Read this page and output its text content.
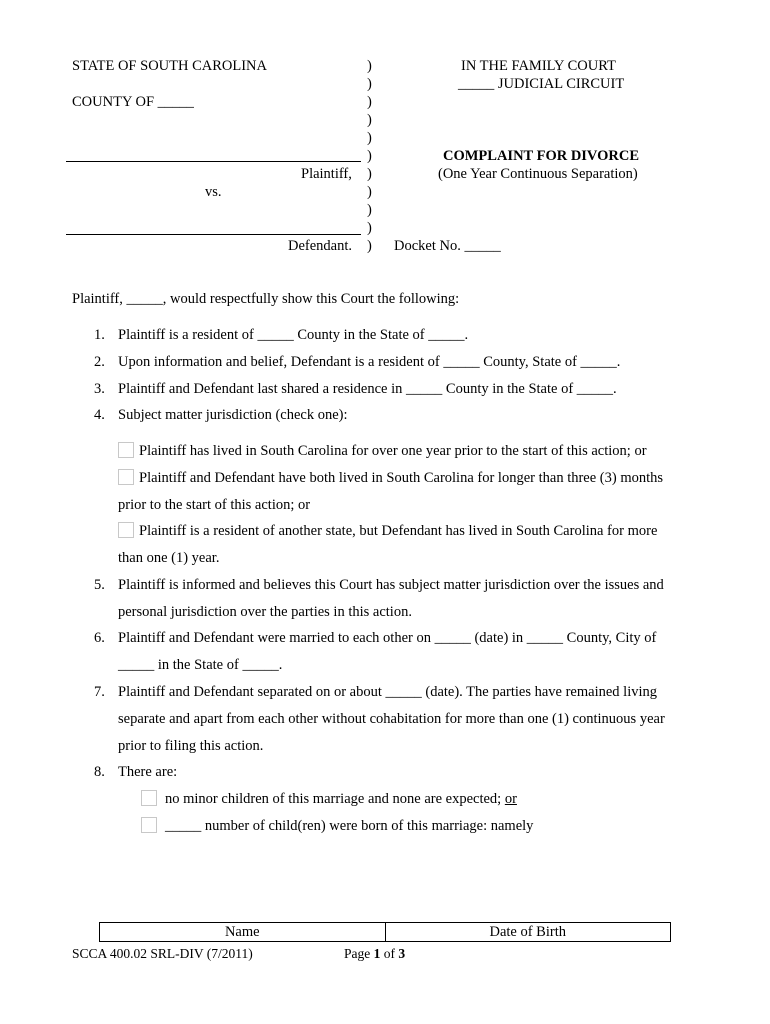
STATE OF SOUTH CAROLINA
COUNTY OF _____
Plaintiff,
vs.
Defendant.
)
)
)
)
)
)
)
)
)
)
)
IN THE FAMILY COURT
_____ JUDICIAL CIRCUIT
COMPLAINT FOR DIVORCE
(One Year Continuous Separation)
Docket No. _____
Plaintiff, _____, would respectfully show this Court the following:
1. Plaintiff is a resident of _____ County in the State of _____.
2. Upon information and belief, Defendant is a resident of _____ County, State of _____.
3. Plaintiff and Defendant last shared a residence in _____ County in the State of _____.
4. Subject matter jurisdiction (check one):
Plaintiff has lived in South Carolina for over one year prior to the start of this action; or
Plaintiff and Defendant have both lived in South Carolina for longer than three (3) months
prior to the start of this action; or
Plaintiff is a resident of another state, but Defendant has lived in South Carolina for more
than one (1) year.
5. Plaintiff is informed and believes this Court has subject matter jurisdiction over the issues and
personal jurisdiction over the parties in this action.
6. Plaintiff and Defendant were married to each other on _____ (date) in _____ County, City of
_____ in the State of _____.
7. Plaintiff and Defendant separated on or about _____ (date). The parties have remained living
separate and apart from each other without cohabitation for more than one (1) continuous year
prior to filing this action.
8. There are:
no minor children of this marriage and none are expected; or
_____ number of child(ren) were born of this marriage: namely
Name	Date of Birth
SCCA 400.02 SRL-DIV (7/2011)	Page 1 of 3
